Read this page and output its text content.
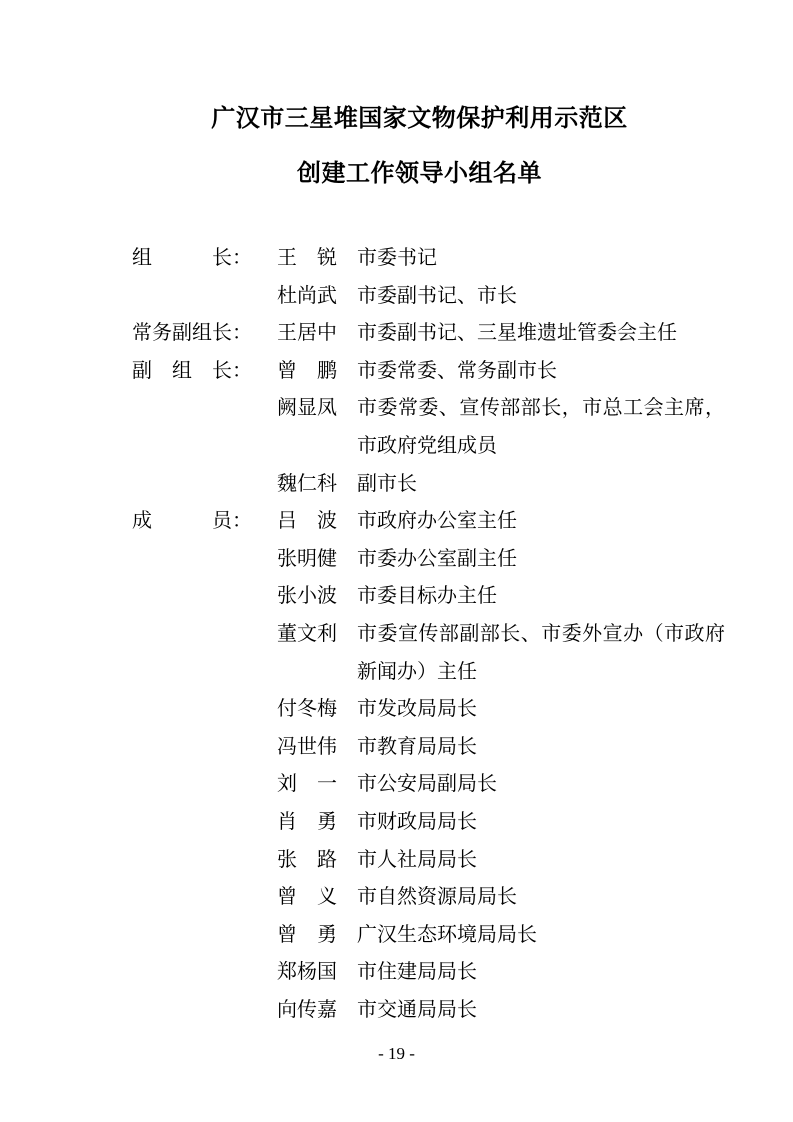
广汉市三星堆国家文物保护利用示范区
创建工作领导小组名单
组　　　长： 王　锐 市委书记
杜尚武 市委副书记、市长
常务副组长： 王居中 市委副书记、三星堆遗址管委会主任
副　组　长： 曾　鹏 市委常委、常务副市长
阙显凤 市委常委、宣传部部长，市总工会主席，市政府党组成员
魏仁科 副市长
成　　　员： 吕　波 市政府办公室主任
张明健 市委办公室副主任
张小波 市委目标办主任
董文利 市委宣传部副部长、市委外宣办（市政府新闻办）主任
付冬梅 市发改局局长
冯世伟 市教育局局长
刘　一 市公安局副局长
肖　勇 市财政局局长
张　路 市人社局局长
曾　义 市自然资源局局长
曾　勇 广汉生态环境局局长
郑杨国 市住建局局长
向传嘉 市交通局局长
- 19 -
